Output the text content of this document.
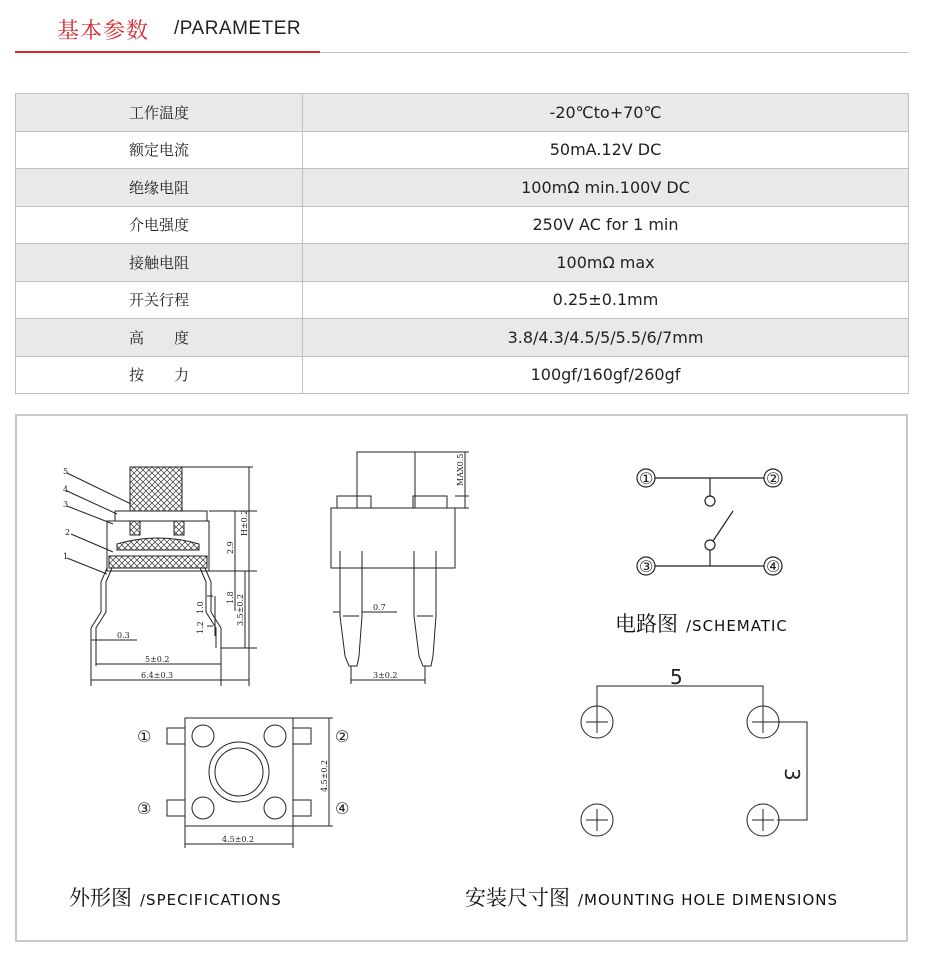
基本参数 /PARAMETER
工作温度	-20℃to+70℃
额定电流	50mA.12V DC
绝缘电阻	100mΩ min.100V DC
介电强度	250V AC for 1 min
接触电阻	100mΩ max
开关行程	0.25±0.1mm
高　　度	3.8/4.3/4.5/5/5.5/6/7mm
按　　力	100gf/160gf/260gf
5
4
3
2
1
H±0.2
2.9
1.8 3.5±0.2
1.0
1.2
0.3
5±0.2
6.4±0.3
MAX0.5
0.7
3±0.2
①	②
③	④
4.5±0.2
4.5±0.2
①	②
③	④
5
3
电路图 /SCHEMATIC
外形图 /SPECIFICATIONS	安装尺寸图 /MOUNTING HOLE DIMENSIONS
